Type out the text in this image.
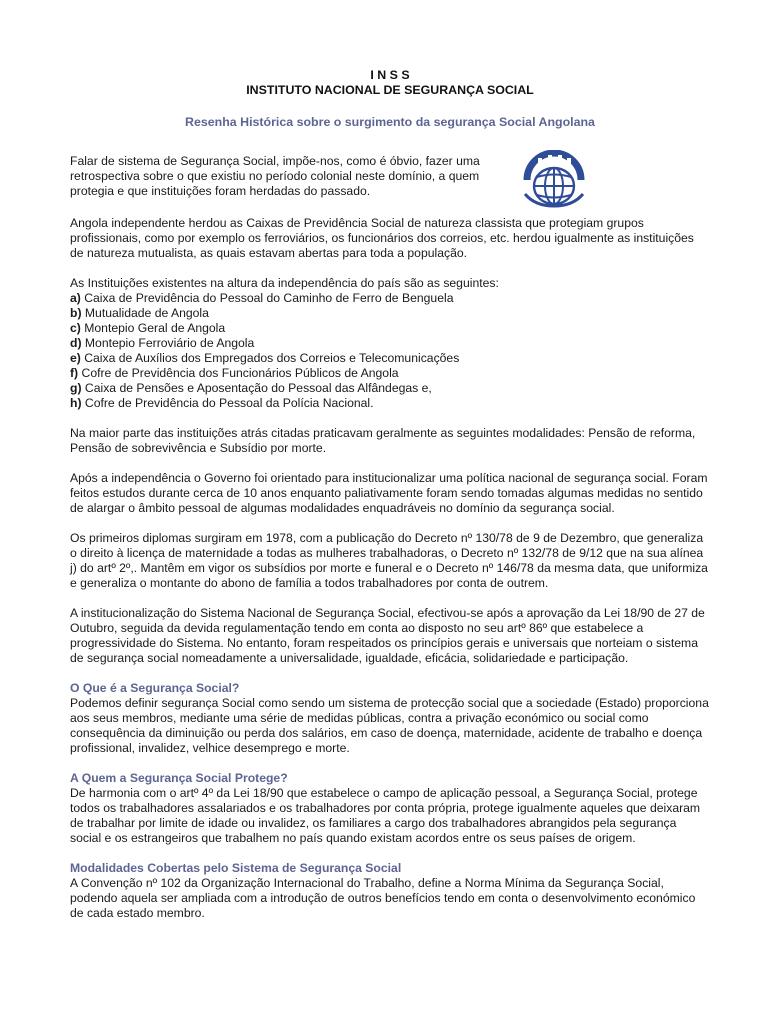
I N S S
INSTITUTO NACIONAL DE SEGURANÇA SOCIAL
Resenha Histórica sobre o surgimento da segurança Social Angolana

Falar de sistema de Segurança Social, impõe-nos, como é óbvio, fazer uma retrospectiva sobre o que existiu no período colonial neste domínio, a quem protegia e que instituições foram herdadas do passado.

Angola independente herdou as Caixas de Previdência Social de natureza classista que protegiam grupos profissionais, como por exemplo os ferroviários, os funcionários dos correios, etc. herdou igualmente as instituições de natureza mutualista, as quais estavam abertas para toda a população.

As Instituições existentes na altura da independência do país são as seguintes:
a) Caixa de Previdência do Pessoal do Caminho de Ferro de Benguela
b) Mutualidade de Angola
c) Montepio Geral de Angola
d) Montepio Ferroviário de Angola
e) Caixa de Auxílios dos Empregados dos Correios e Telecomunicações
f) Cofre de Previdência dos Funcionários Públicos de Angola
g) Caixa de Pensões e Aposentação do Pessoal das Alfândegas e,
h) Cofre de Previdência do Pessoal da Polícia Nacional.

Na maior parte das instituições atrás citadas praticavam geralmente as seguintes modalidades: Pensão de reforma, Pensão de sobrevivência e Subsídio por morte.

Após a independência o Governo foi orientado para institucionalizar uma política nacional de segurança social. Foram feitos estudos durante cerca de 10 anos enquanto paliativamente foram sendo tomadas algumas medidas no sentido de alargar o âmbito pessoal de algumas modalidades enquadráveis no domínio da segurança social.

Os primeiros diplomas surgiram em 1978, com a publicação do Decreto nº 130/78 de 9 de Dezembro, que generaliza o direito à licença de maternidade a todas as mulheres trabalhadoras, o Decreto nº 132/78 de 9/12 que na sua alínea j) do artº 2º,. Mantêm em vigor os subsídios por morte e funeral e o Decreto nº 146/78 da mesma data, que uniformiza e generaliza o montante do abono de família a todos trabalhadores por conta de outrem.

A institucionalização do Sistema Nacional de Segurança Social, efectivou-se após a aprovação da Lei 18/90 de 27 de Outubro, seguida da devida regulamentação tendo em conta ao disposto no seu artº 86º que estabelece a progressividade do Sistema. No entanto, foram respeitados os princípios gerais e universais que norteiam o sistema de segurança social nomeadamente a universalidade, igualdade, eficácia, solidariedade e participação.

O Que é a Segurança Social?

Podemos definir segurança Social como sendo um sistema de protecção social que a sociedade (Estado) proporciona aos seus membros, mediante uma série de medidas públicas, contra a privação económico ou social como consequência da diminuição ou perda dos salários, em caso de doença, maternidade, acidente de trabalho e doença profissional, invalidez, velhice desemprego e morte.

A Quem a Segurança Social Protege?

De harmonia com o artº 4º da Lei 18/90 que estabelece o campo de aplicação pessoal, a Segurança Social, protege todos os trabalhadores assalariados e os trabalhadores por conta própria, protege igualmente aqueles que deixaram de trabalhar por limite de idade ou invalidez, os familiares a cargo dos trabalhadores abrangidos pela segurança social e os estrangeiros que trabalhem no país quando existam acordos entre os seus países de origem.

Modalidades Cobertas pelo Sistema de Segurança Social

A Convenção nº 102 da Organização Internacional do Trabalho, define a Norma Mínima da Segurança Social, podendo aquela ser ampliada com a introdução de outros benefícios tendo em conta o desenvolvimento económico de cada estado membro.
